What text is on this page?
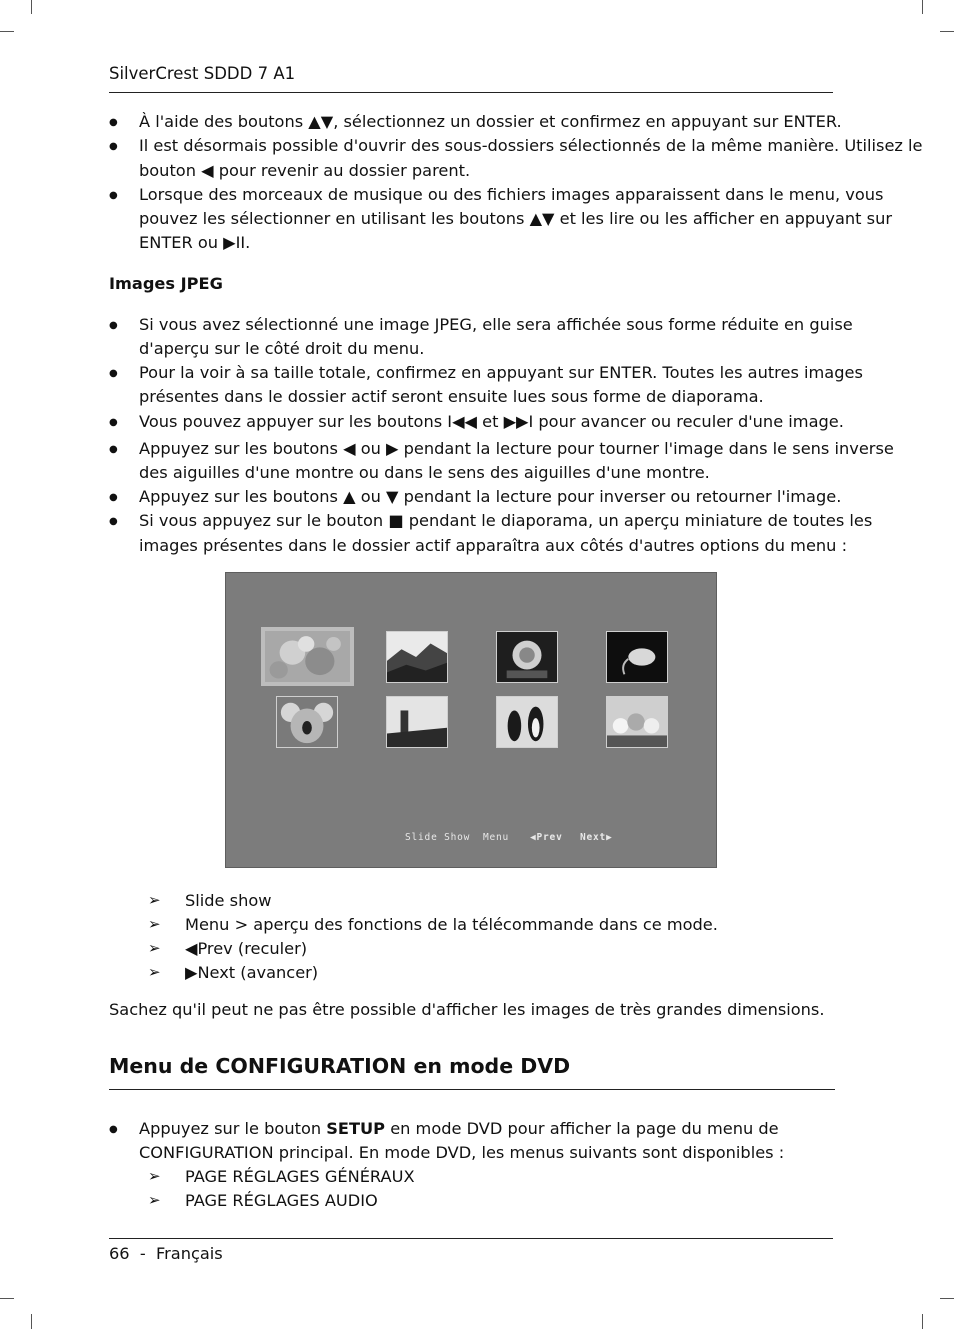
SilverCrest SDDD 7 A1
● À l'aide des boutons ▲▼, sélectionnez un dossier et confirmez en appuyant sur ENTER.
● Il est désormais possible d'ouvrir des sous-dossiers sélectionnés de la même manière. Utilisez le
bouton ◀ pour revenir au dossier parent.
● Lorsque des morceaux de musique ou des fichiers images apparaissent dans le menu, vous
pouvez les sélectionner en utilisant les boutons ▲▼ et les lire ou les afficher en appuyant sur
ENTER ou ▶II.
Images JPEG
● Si vous avez sélectionné une image JPEG, elle sera affichée sous forme réduite en guise
d'aperçu sur le côté droit du menu.
● Pour la voir à sa taille totale, confirmez en appuyant sur ENTER. Toutes les autres images
présentes dans le dossier actif seront ensuite lues sous forme de diaporama.
● Vous pouvez appuyer sur les boutons I◀◀ et ▶▶I pour avancer ou reculer d'une image.
● Appuyez sur les boutons ◀ ou ▶ pendant la lecture pour tourner l'image dans le sens inverse
des aiguilles d'une montre ou dans le sens des aiguilles d'une montre.
● Appuyez sur les boutons ▲ ou ▼ pendant la lecture pour inverser ou retourner l'image.
● Si vous appuyez sur le bouton ■ pendant le diaporama, un aperçu miniature de toutes les
images présentes dans le dossier actif apparaîtra aux côtés d'autres options du menu :
Slide Show Menu ◀Prev Next▶
➢ Slide show
➢ Menu > aperçu des fonctions de la télécommande dans ce mode.
➢ ◀Prev (reculer)
➢ ▶Next (avancer)
Sachez qu'il peut ne pas être possible d'afficher les images de très grandes dimensions.
Menu de CONFIGURATION en mode DVD
● Appuyez sur le bouton SETUP en mode DVD pour afficher la page du menu de
CONFIGURATION principal. En mode DVD, les menus suivants sont disponibles :
➢ PAGE RÉGLAGES GÉNÉRAUX
➢ PAGE RÉGLAGES AUDIO
66  -  Français
